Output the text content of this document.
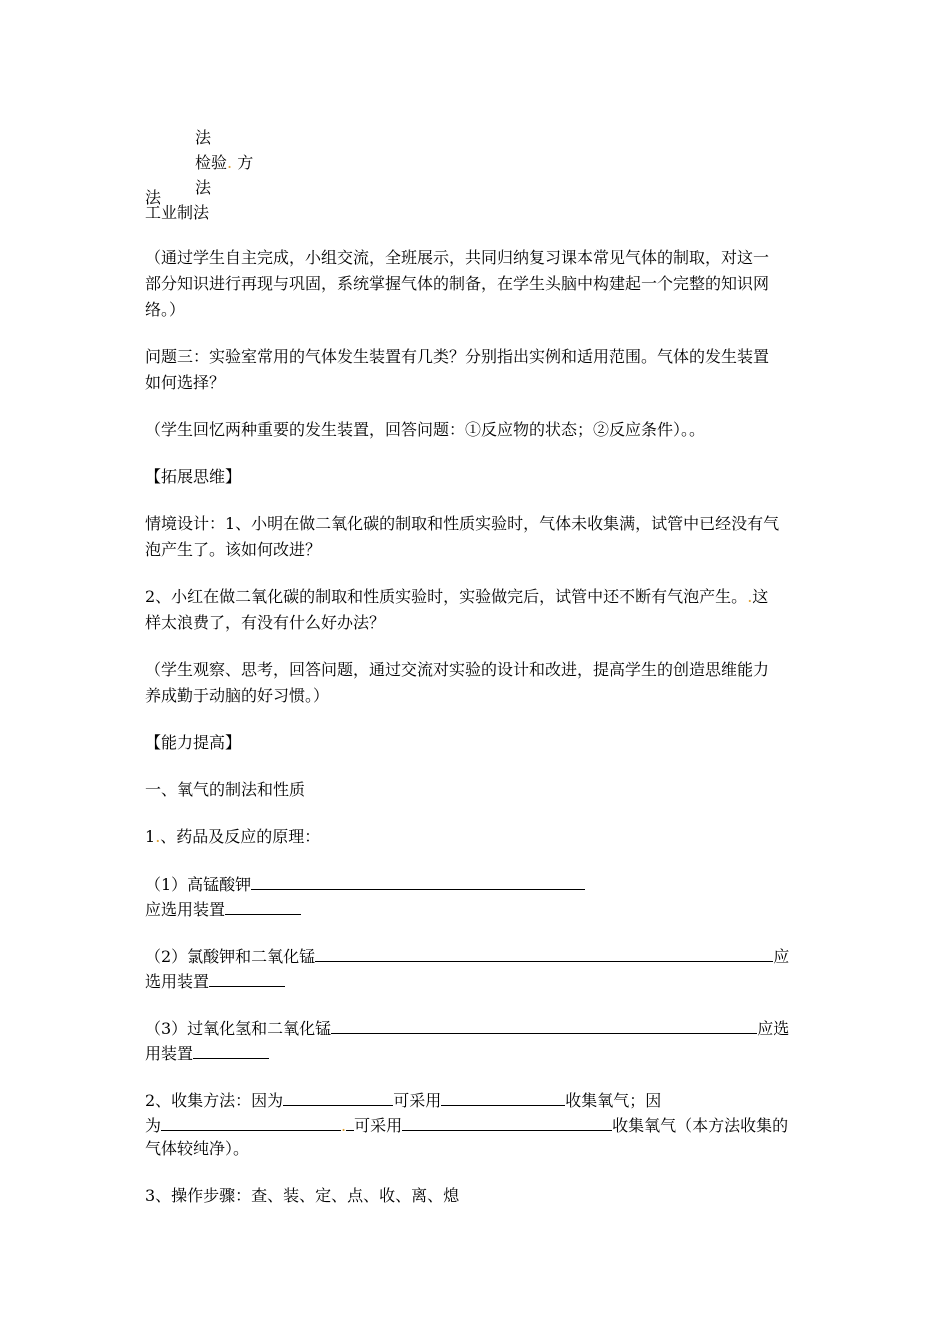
法
检验. 方
法
法
工业制法
（通过学生自主完成，小组交流，全班展示，共同归纳复习课本常见气体的制取，对这一
部分知识进行再现与巩固，系统掌握气体的制备，在学生头脑中构建起一个完整的知识网
络。）
问题三：实验室常用的气体发生装置有几类？分别指出实例和适用范围。气体的发生装置
如何选择？
（学生回忆两种重要的发生装置，回答问题：①反应物的状态；②反应条件）。。
【拓展思维】
情境设计：1、小明在做二氧化碳的制取和性质实验时，气体未收集满，试管中已经没有气
泡产生了。该如何改进？
2、小红在做二氧化碳的制取和性质实验时，实验做完后，试管中还不断有气泡产生。.这
样太浪费了，有没有什么好办法？
（学生观察、思考，回答问题，通过交流对实验的设计和改进，提高学生的创造思维能力
养成勤于动脑的好习惯。）
【能力提高】
一、氧气的制法和性质
1.、药品及反应的原理：
（1）高锰酸钾
应选用装置
（2）氯酸钾和二氧化锰	应
选用装置
（3）过氧化氢和二氧化锰	应选
用装置
2、收集方法：因为	可采用	收集氧气；因
为	. 可采用	收集氧气（本方法收集的
气体较纯净）。
3、操作步骤：查、装、定、点、收、离、熄
